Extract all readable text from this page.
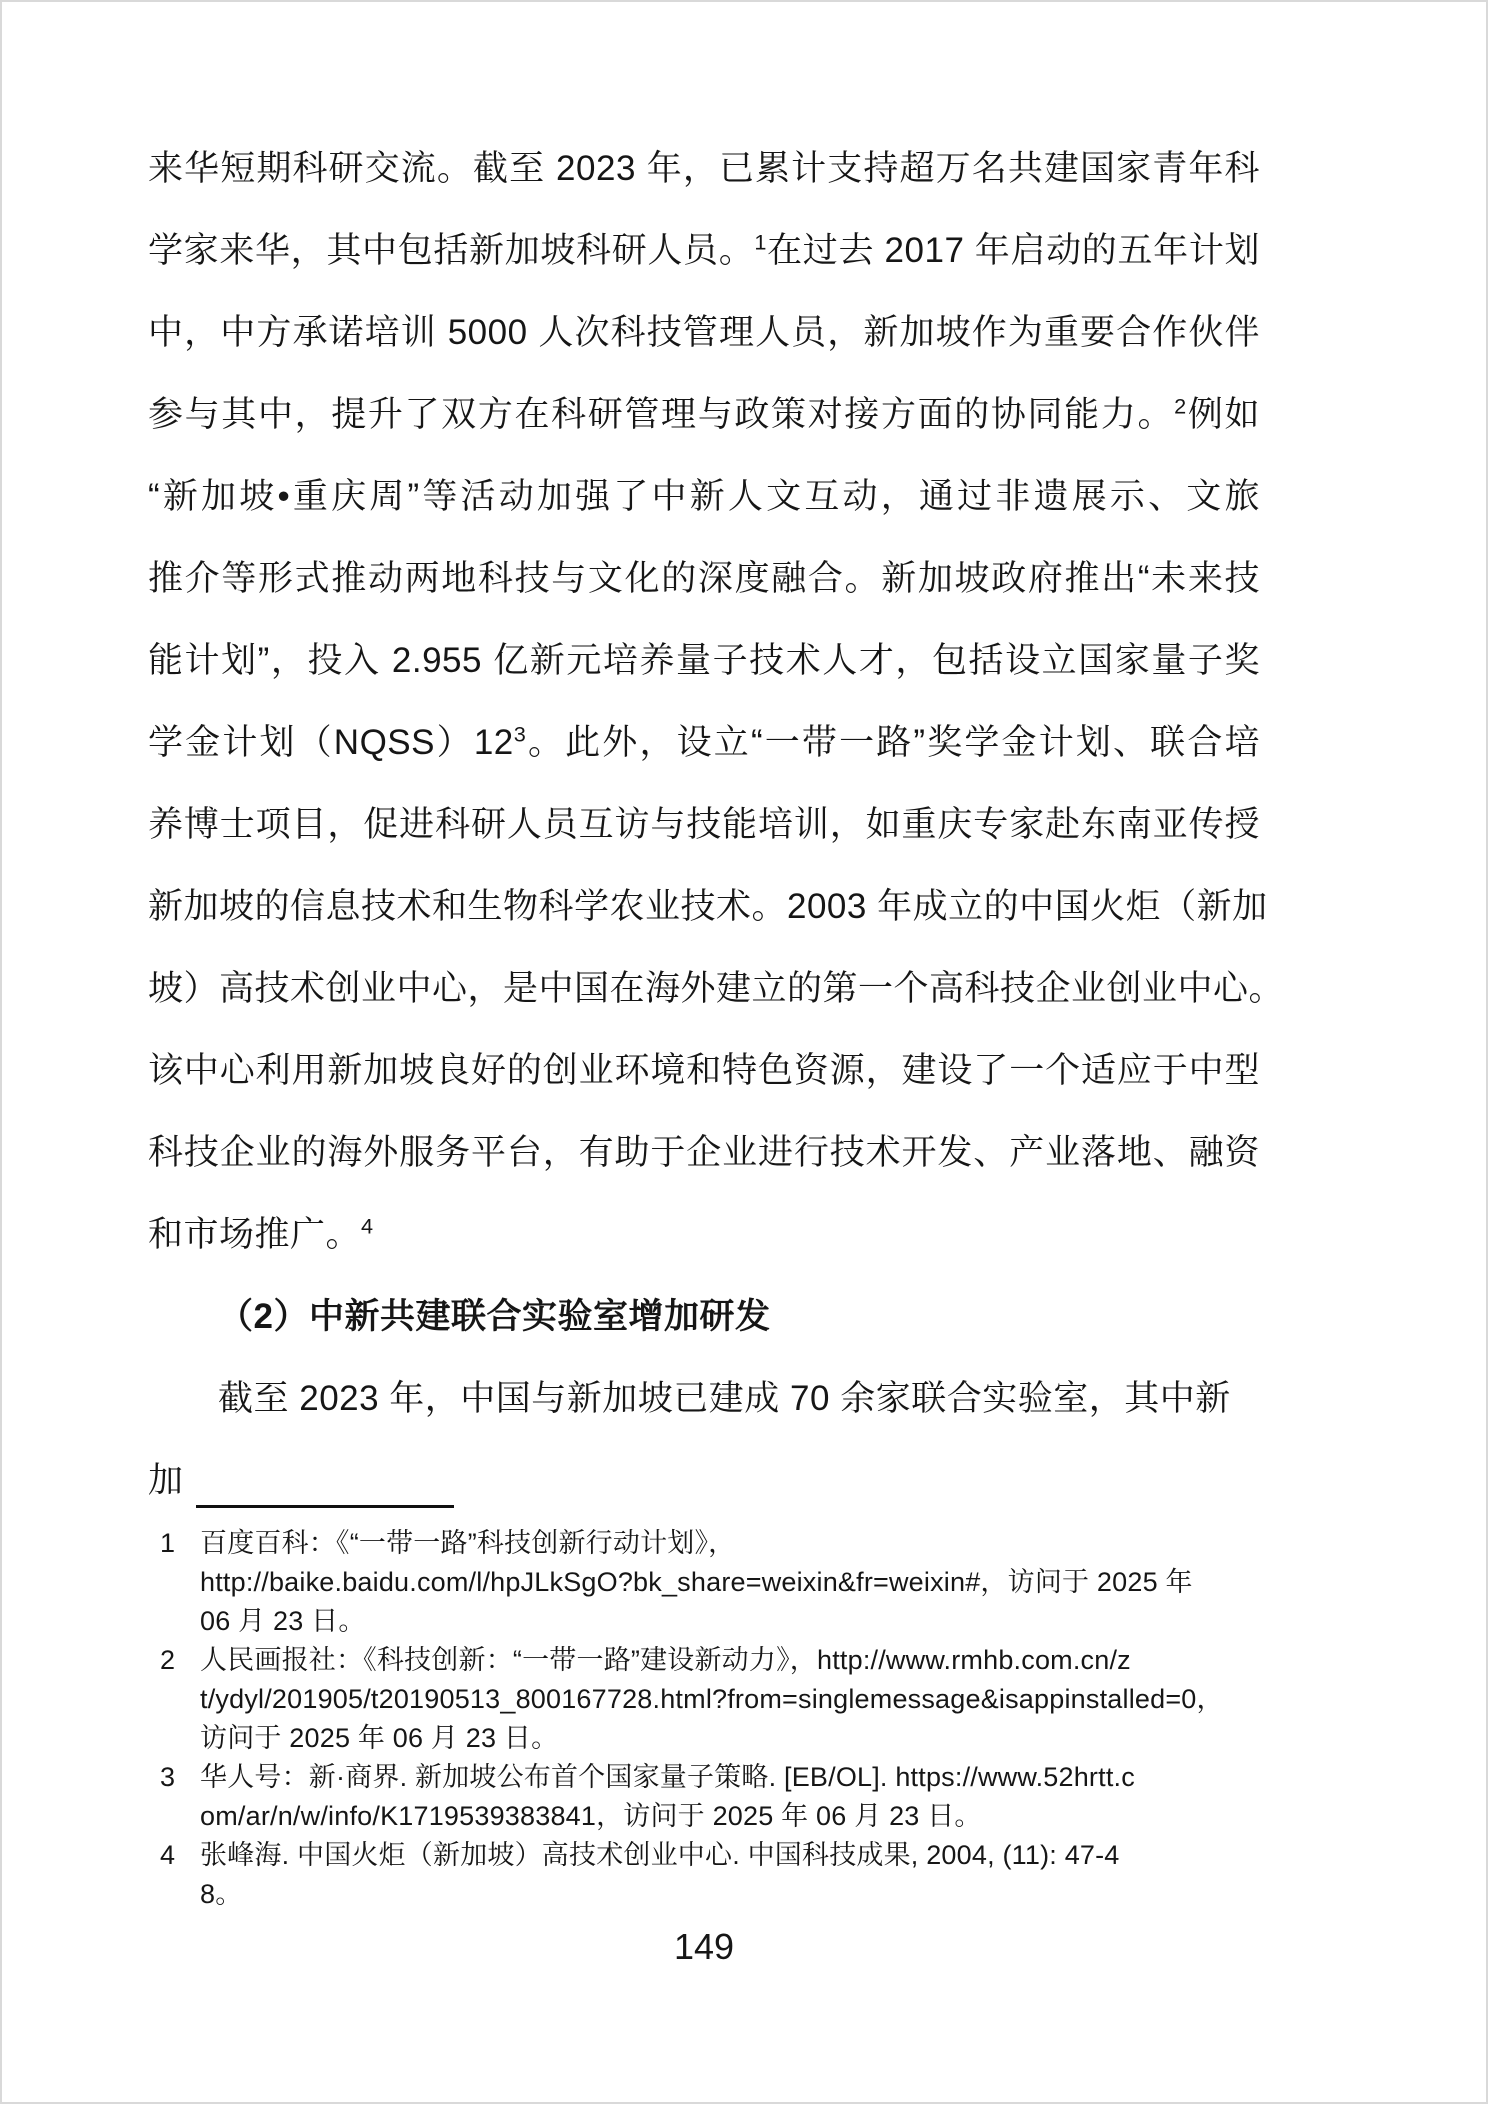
来华短期科研交流。截至 2023 年，已累计支持超万名共建国家青年科
学家来华，其中包括新加坡科研人员。$^1$在过去 2017 年启动的五年计划
中，中方承诺培训 5000 人次科技管理人员，新加坡作为重要合作伙伴
参与其中，提升了双方在科研管理与政策对接方面的协同能力。$^2$例如
“新加坡•重庆周”等活动加强了中新人文互动，通过非遗展示、文旅
推介等形式推动两地科技与文化的深度融合。新加坡政府推出“未来技
能计划”，投入 2.955 亿新元培养量子技术人才，包括设立国家量子奖
学金计划$(NQSS)12^3$。此外，设立“一带一路”奖学金计划、联合培
养博士项目，促进科研人员互访与技能培训，如重庆专家赴东南亚传授
新加坡的信息技术和生物科学农业技术。2003 年成立的中国火炬（新加
坡）高技术创业中心，是中国在海外建立的第一个高科技企业创业中心。
该中心利用新加坡良好的创业环境和特色资源，建设了一个适应于中型
科技企业的海外服务平台，有助于企业进行技术开发、产业落地、融资
和市场推广。$^4$
（2）中新共建联合实验室增加研发
截至 2023 年，中国与新加坡已建成 70 余家联合实验室，其中新加
1 百度百科：《“一带一路”科技创新行动计划》，
http://baike.baidu.com/l/hpJLkSgO?bk_share=weixin&fr=weixin#，访问于 2025 年
06 月 23 日。
2 人民画报社：《科技创新：“一带一路”建设新动力》，http://www.rmhb.com.cn/z
t/ydyl/201905/t20190513_800167728.html?from=singlemessage&isappinstalled=0，
访问于 2025 年 06 月 23 日。
3 华人号：新·商界. 新加坡公布首个国家量子策略. [EB/OL]. https://www.52hrtt.c
om/ar/n/w/info/K1719539383841，访问于 2025 年 06 月 23 日。
4 张峰海. 中国火炬（新加坡）高技术创业中心. 中国科技成果, 2004, (11): 47-4
8。
149
